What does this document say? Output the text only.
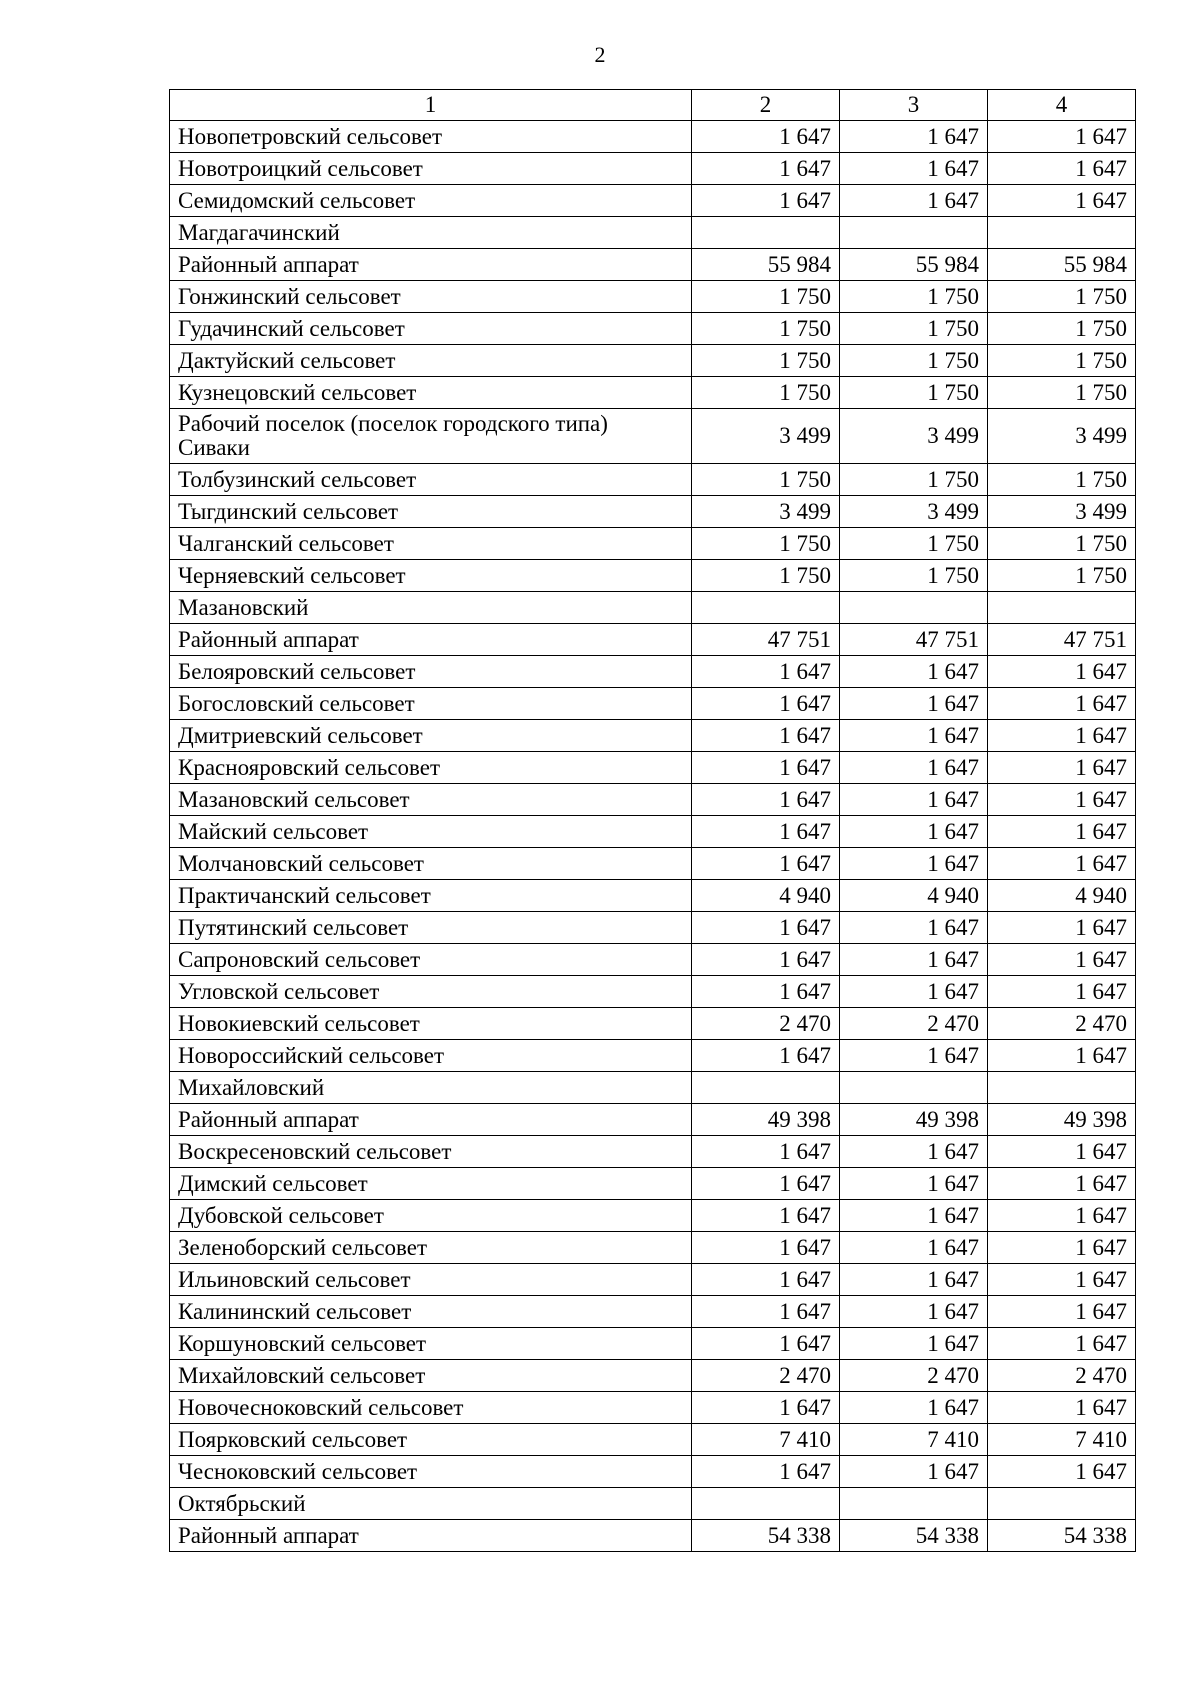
2
1	2	3	4
Новопетровский сельсовет	1 647	1 647	1 647
Новотроицкий сельсовет	1 647	1 647	1 647
Семидомский сельсовет	1 647	1 647	1 647
Магдагачинский			
Районный аппарат	55 984	55 984	55 984
Гонжинский сельсовет	1 750	1 750	1 750
Гудачинский сельсовет	1 750	1 750	1 750
Дактуйский сельсовет	1 750	1 750	1 750
Кузнецовский сельсовет	1 750	1 750	1 750
Рабочий поселок (поселок городского типа) Сиваки	3 499	3 499	3 499
Толбузинский сельсовет	1 750	1 750	1 750
Тыгдинский сельсовет	3 499	3 499	3 499
Чалганский сельсовет	1 750	1 750	1 750
Черняевский сельсовет	1 750	1 750	1 750
Мазановский			
Районный аппарат	47 751	47 751	47 751
Белояровский сельсовет	1 647	1 647	1 647
Богословский сельсовет	1 647	1 647	1 647
Дмитриевский сельсовет	1 647	1 647	1 647
Краснояровский сельсовет	1 647	1 647	1 647
Мазановский сельсовет	1 647	1 647	1 647
Майский сельсовет	1 647	1 647	1 647
Молчановский сельсовет	1 647	1 647	1 647
Практичанский сельсовет	4 940	4 940	4 940
Путятинский сельсовет	1 647	1 647	1 647
Сапроновский сельсовет	1 647	1 647	1 647
Угловской сельсовет	1 647	1 647	1 647
Новокиевский сельсовет	2 470	2 470	2 470
Новороссийский сельсовет	1 647	1 647	1 647
Михайловский			
Районный аппарат	49 398	49 398	49 398
Воскресеновский сельсовет	1 647	1 647	1 647
Димский сельсовет	1 647	1 647	1 647
Дубовской сельсовет	1 647	1 647	1 647
Зеленоборский сельсовет	1 647	1 647	1 647
Ильиновский сельсовет	1 647	1 647	1 647
Калининский сельсовет	1 647	1 647	1 647
Коршуновский сельсовет	1 647	1 647	1 647
Михайловский сельсовет	2 470	2 470	2 470
Новочесноковский сельсовет	1 647	1 647	1 647
Поярковский сельсовет	7 410	7 410	7 410
Чесноковский сельсовет	1 647	1 647	1 647
Октябрьский			
Районный аппарат	54 338	54 338	54 338
